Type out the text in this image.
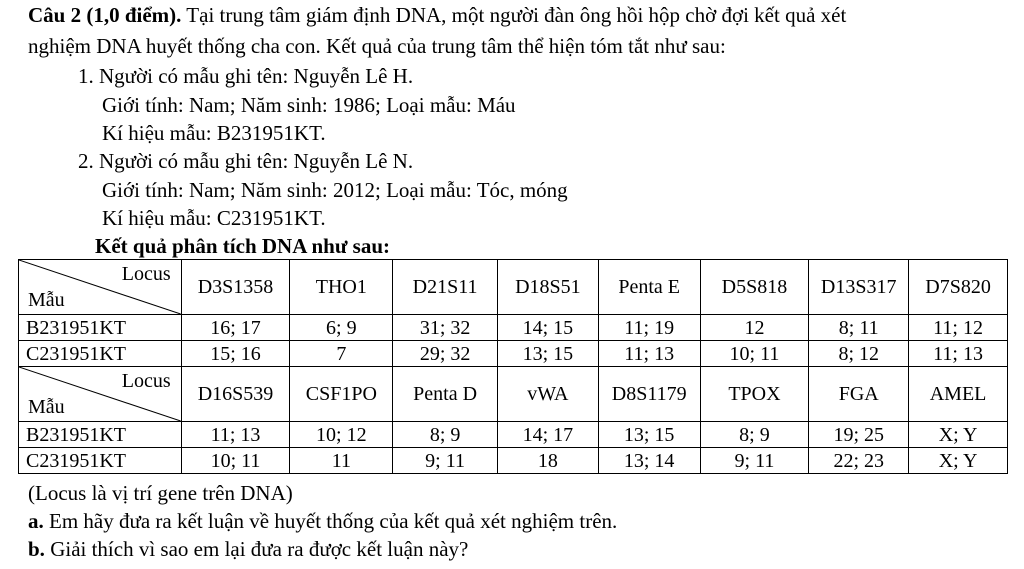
Câu 2 (1,0 điểm). Tại trung tâm giám định DNA, một người đàn ông hồi hộp chờ đợi kết quả xét
nghiệm DNA huyết thống cha con. Kết quả của trung tâm thể hiện tóm tắt như sau:
1. Người có mẫu ghi tên: Nguyễn Lê H.
Giới tính: Nam; Năm sinh: 1986; Loại mẫu: Máu
Kí hiệu mẫu: B231951KT.
2. Người có mẫu ghi tên: Nguyễn Lê N.
Giới tính: Nam; Năm sinh: 2012; Loại mẫu: Tóc, móng
Kí hiệu mẫu: C231951KT.
Kết quả phân tích DNA như sau:
Locus
Mẫu	D3S1358	THO1	D21S11	D18S51	Penta E	D5S818	D13S317	D7S820
B231951KT	16; 17	6; 9	31; 32	14; 15	11; 19	12	8; 11	11; 12
C231951KT	15; 16	7	29; 32	13; 15	11; 13	10; 11	8; 12	11; 13

Locus
Mẫu	D16S539	CSF1PO	Penta D	vWA	D8S1179	TPOX	FGA	AMEL
B231951KT	11; 13	10; 12	8; 9	14; 17	13; 15	8; 9	19; 25	X; Y
C231951KT	10; 11	11	9; 11	18	13; 14	9; 11	22; 23	X; Y
(Locus là vị trí gene trên DNA)
a. Em hãy đưa ra kết luận về huyết thống của kết quả xét nghiệm trên.
b. Giải thích vì sao em lại đưa ra được kết luận này?
